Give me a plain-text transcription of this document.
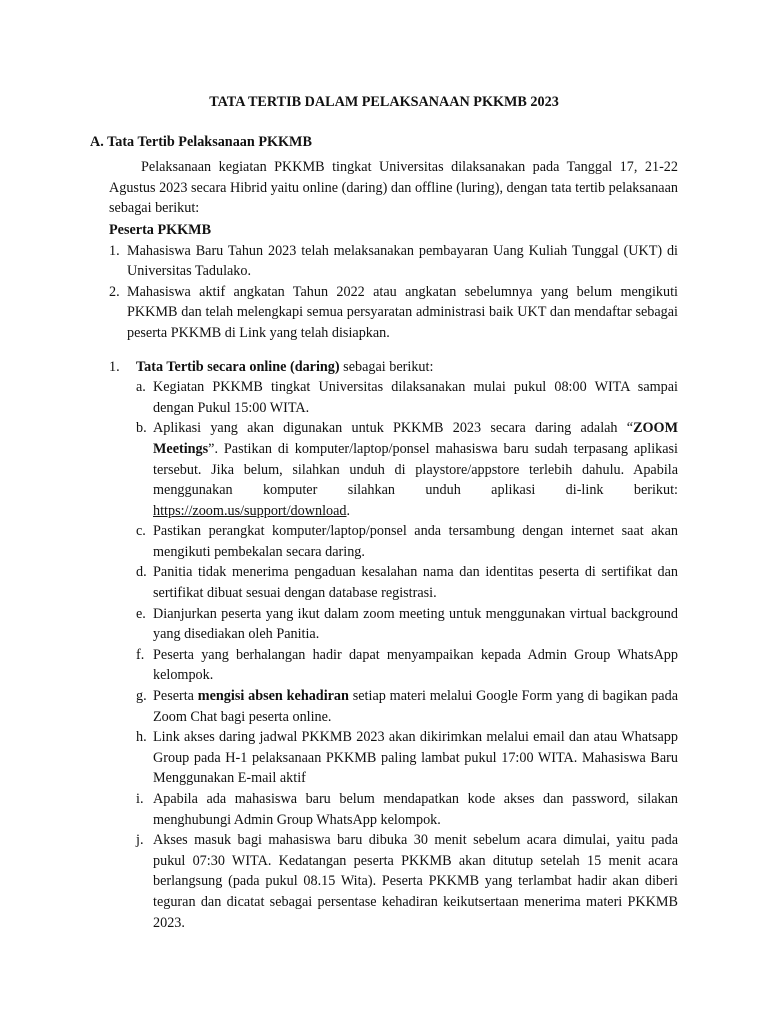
TATA TERTIB DALAM PELAKSANAAN PKKMB 2023
A. Tata Tertib Pelaksanaan PKKMB

Pelaksanaan kegiatan PKKMB tingkat Universitas dilaksanakan pada Tanggal 17, 21-22 Agustus 2023 secara Hibrid yaitu online (daring) dan offline (luring), dengan tata tertib pelaksanaan sebagai berikut:

Peserta PKKMB
1. Mahasiswa Baru Tahun 2023 telah melaksanakan pembayaran Uang Kuliah Tunggal (UKT) di Universitas Tadulako.
2. Mahasiswa aktif angkatan Tahun 2022 atau angkatan sebelumnya yang belum mengikuti PKKMB dan telah melengkapi semua persyaratan administrasi baik UKT dan mendaftar sebagai peserta PKKMB di Link yang telah disiapkan.
1.	Tata Tertib secara online (daring) sebagai berikut:
a. Kegiatan PKKMB tingkat Universitas dilaksanakan mulai pukul 08:00 WITA sampai dengan Pukul 15:00 WITA.
b. Aplikasi yang akan digunakan untuk PKKMB 2023 secara daring adalah “ZOOM Meetings”. Pastikan di komputer/laptop/ponsel mahasiswa baru sudah terpasang aplikasi tersebut. Jika belum, silahkan unduh di playstore/appstore terlebih dahulu. Apabila menggunakan komputer silahkan unduh aplikasi di-link berikut: https://zoom.us/support/download.
c. Pastikan perangkat komputer/laptop/ponsel anda tersambung dengan internet saat akan mengikuti pembekalan secara daring.
d. Panitia tidak menerima pengaduan kesalahan nama dan identitas peserta di sertifikat dan sertifikat dibuat sesuai dengan database registrasi.
e. Dianjurkan peserta yang ikut dalam zoom meeting untuk menggunakan virtual background yang disediakan oleh Panitia.
f. Peserta yang berhalangan hadir dapat menyampaikan kepada Admin Group WhatsApp kelompok.
g. Peserta mengisi absen kehadiran setiap materi melalui Google Form yang di bagikan pada Zoom Chat bagi peserta online.
h. Link akses daring jadwal PKKMB 2023 akan dikirimkan melalui email dan atau Whatsapp Group pada H-1 pelaksanaan PKKMB paling lambat pukul 17:00 WITA. Mahasiswa Baru Menggunakan E-mail aktif
i. Apabila ada mahasiswa baru belum mendapatkan kode akses dan password, silakan menghubungi Admin Group WhatsApp kelompok.
j. Akses masuk bagi mahasiswa baru dibuka 30 menit sebelum acara dimulai, yaitu pada pukul 07:30 WITA. Kedatangan peserta PKKMB akan ditutup setelah 15 menit acara berlangsung (pada pukul 08.15 Wita). Peserta PKKMB yang terlambat hadir akan diberi teguran dan dicatat sebagai persentase kehadiran keikutsertaan menerima materi PKKMB 2023.
